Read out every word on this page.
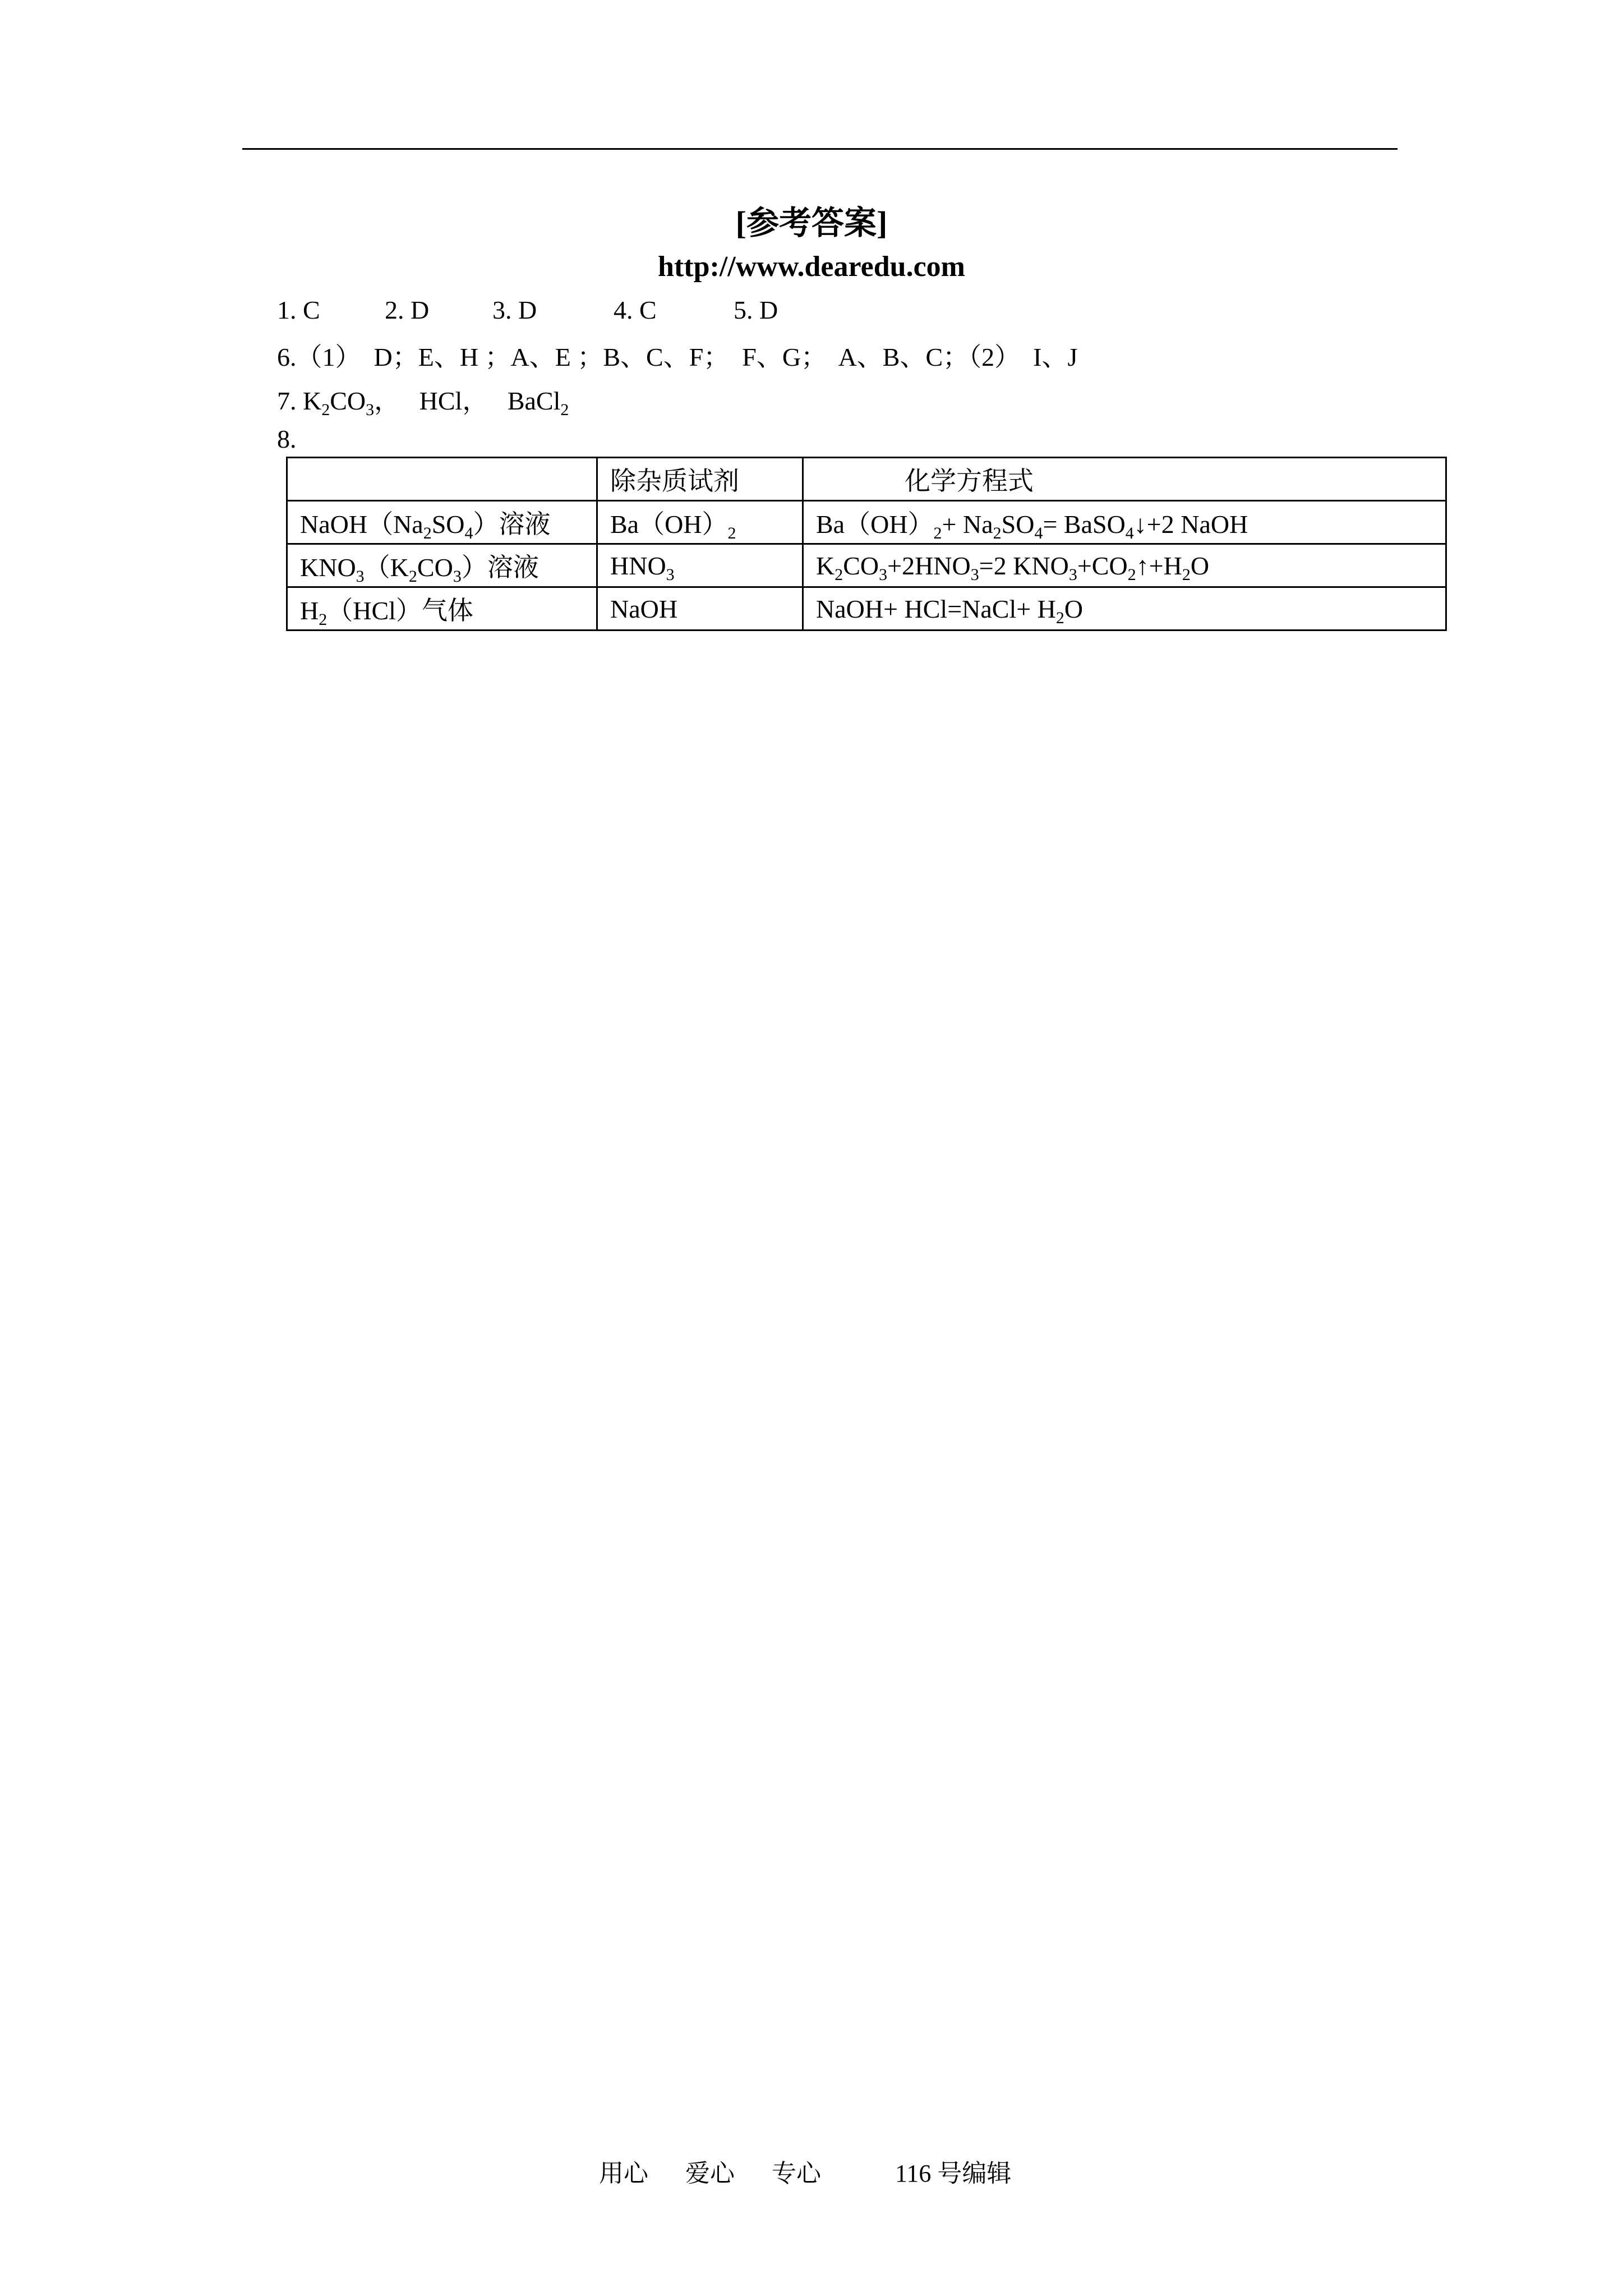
[参考答案]
http://www.dearedu.com
1. C	2. D 3. D	4. C	5. D
6.（1）  D；E、H ；A、E ；B、C、F；  F、G；  A、B、C；（2）  I、J
7. $K_2CO_3$，   HCl，   BaCl$_2$
8.
	除杂质试剂	化学方程式
$NaOH(Na_2SO_4)$溶液	$Ba(OH)_2$	$Ba(OH)_2+ Na_2SO_4=$ BaSO$_4$↓+2 NaOH
$KNO_3(K_2CO_3)$溶液	$HNO_3$	$K_2CO_3+2HNO_3=2$ $KNO_3+CO_2↑+H_2O$
$H_2(HCl)$气体	NaOH	NaOH+ HCl=NaCl+ $H_2O$
用心      爱心      专心            116 号编辑
